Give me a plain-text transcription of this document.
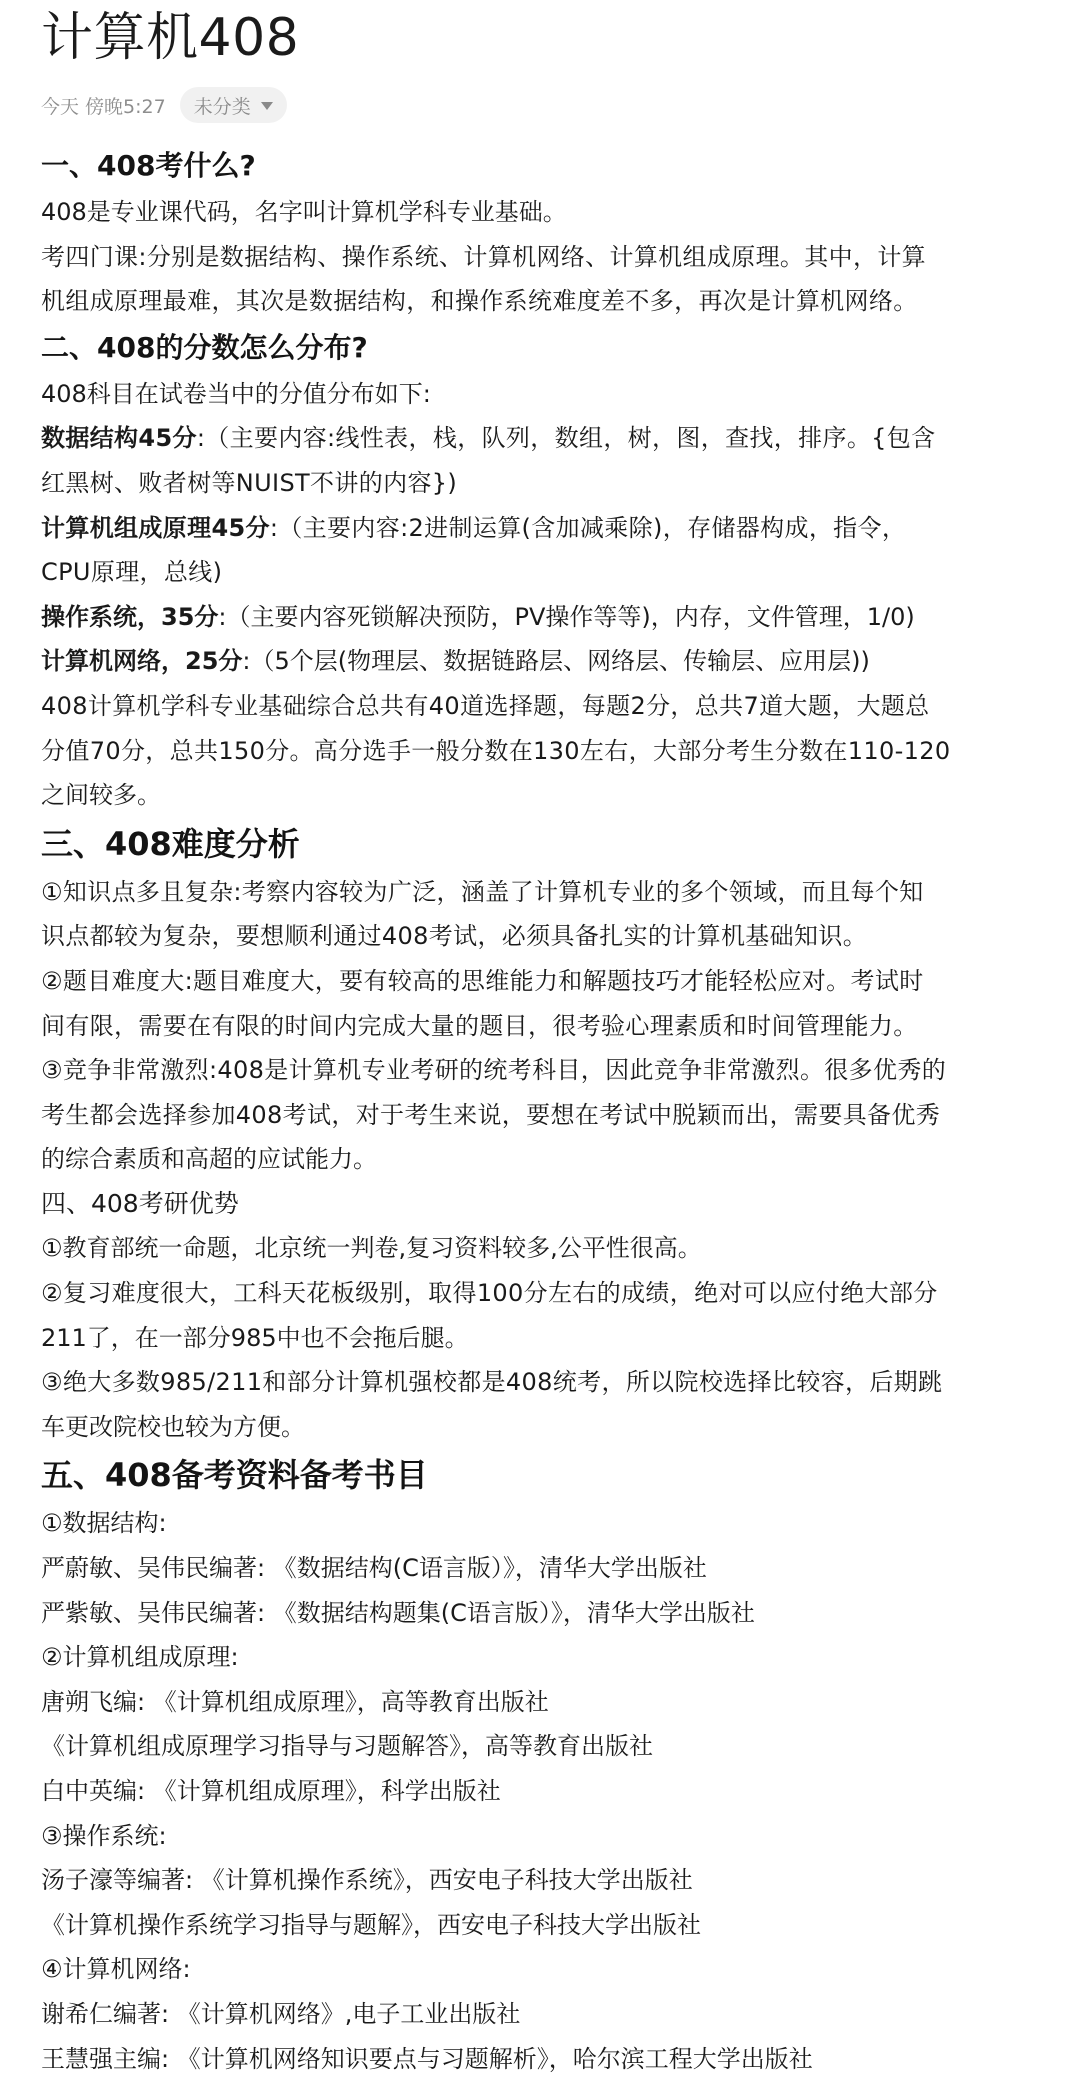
计算机408
今天 傍晚5:27 未分类
一、408考什么?
408是专业课代码，名字叫计算机学科专业基础。
考四门课:分别是数据结构、操作系统、计算机网络、计算机组成原理。其中，计算
机组成原理最难，其次是数据结构，和操作系统难度差不多，再次是计算机网络。
二、408的分数怎么分布?
408科目在试卷当中的分值分布如下:
数据结构45分:（主要内容:线性表，栈，队列，数组，树，图，查找，排序。{包含
红黑树、败者树等NUIST不讲的内容})
计算机组成原理45分:（主要内容:2进制运算(含加减乘除)，存储器构成，指令，
CPU原理，总线)
操作系统，35分:（主要内容死锁解决预防，PV操作等等)，内存，文件管理，1/0)
计算机网络，25分:（5个层(物理层、数据链路层、网络层、传输层、应用层))
408计算机学科专业基础综合总共有40道选择题，每题2分，总共7道大题，大题总
分值70分，总共150分。高分选手一般分数在130左右，大部分考生分数在110-120
之间较多。
三、408难度分析
①知识点多且复杂:考察内容较为广泛，涵盖了计算机专业的多个领域，而且每个知
识点都较为复杂，要想顺利通过408考试，必须具备扎实的计算机基础知识。
②题目难度大:题目难度大，要有较高的思维能力和解题技巧才能轻松应对。考试时
间有限，需要在有限的时间内完成大量的题目，很考验心理素质和时间管理能力。
③竞争非常激烈:408是计算机专业考研的统考科目，因此竞争非常激烈。很多优秀的
考生都会选择参加408考试，对于考生来说，要想在考试中脱颖而出，需要具备优秀
的综合素质和高超的应试能力。
四、408考研优势
①教育部统一命题，北京统一判卷,复习资料较多,公平性很高。
②复习难度很大，工科天花板级别，取得100分左右的成绩，绝对可以应付绝大部分
211了，在一部分985中也不会拖后腿。
③绝大多数985/211和部分计算机强校都是408统考，所以院校选择比较容，后期跳
车更改院校也较为方便。
五、408备考资料备考书目
①数据结构:
严蔚敏、吴伟民编著: 《数据结构(C语言版）》，清华大学出版社
严紫敏、吴伟民编著: 《数据结构题集(C语言版）》，清华大学出版社
②计算机组成原理:
唐朔飞编: 《计算机组成原理》，高等教育出版社
《计算机组成原理学习指导与习题解答》，高等教育出版社
白中英编: 《计算机组成原理》，科学出版社
③操作系统:
汤子濠等编著: 《计算机操作系统》，西安电子科技大学出版社
《计算机操作系统学习指导与题解》，西安电子科技大学出版社
④计算机网络:
谢希仁编著: 《计算机网络》,电子工业出版社
王慧强主编: 《计算机网络知识要点与习题解析》，哈尔滨工程大学出版社
